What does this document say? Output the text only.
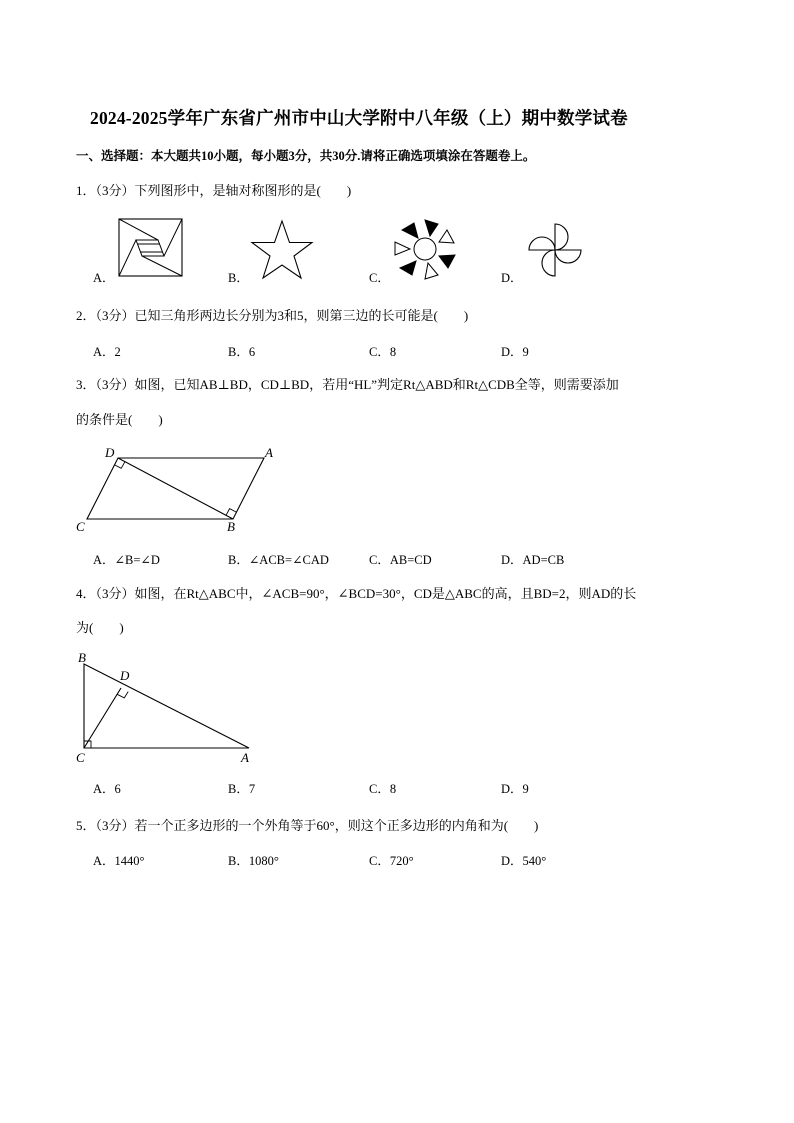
2024-2025学年广东省广州市中山大学附中八年级（上）期中数学试卷
一、选择题：本大题共10小题，每小题3分，共30分.请将正确选项填涂在答题卷上。
1．（3分）下列图形中，是轴对称图形的是(　　)
A．	B．	C．	D．
2．（3分）已知三角形两边长分别为3和5，则第三边的长可能是(　　)
A．2	B．6	C．8	D．9
3．（3分）如图，已知AB⊥BD，CD⊥BD，若用“HL”判定Rt△ABD和Rt△CDB全等，则需要添加
的条件是(　　)
D	A
C	B
A．∠B=∠D	B．∠ACB=∠CAD	C．AB=CD	D．AD=CB
4．（3分）如图，在Rt△ABC中，∠ACB=90°，∠BCD=30°，CD是△ABC的高，且BD=2，则AD的长
为(　　)
B
D
C	A
A．6	B．7	C．8	D．9
5．（3分）若一个正多边形的一个外角等于60°，则这个正多边形的内角和为(　　)
A．1440°	B．1080°	C．720°	D．540°
